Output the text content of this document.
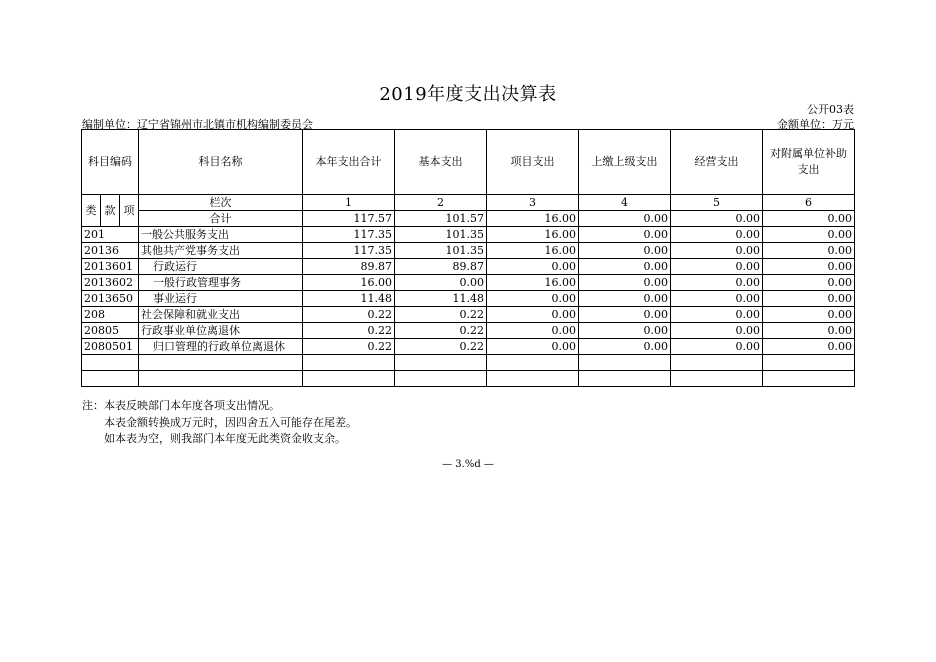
2019年度支出决算表
公开03表
编制单位：辽宁省锦州市北镇市机构编制委员会	金额单位：万元
科目编码			科目名称	本年支出合计	基本支出	项目支出	上缴上级支出	经营支出	对附属单位补助支出
类	款	项	栏次	1	2	3	4	5	6
			合计	117.57	101.57	16.00	0.00	0.00	0.00
201			一般公共服务支出	117.35	101.35	16.00	0.00	0.00	0.00
20136			其他共产党事务支出	117.35	101.35	16.00	0.00	0.00	0.00
2013601			行政运行	89.87	89.87	0.00	0.00	0.00	0.00
2013602			一般行政管理事务	16.00	0.00	16.00	0.00	0.00	0.00
2013650			事业运行	11.48	11.48	0.00	0.00	0.00	0.00
208			社会保障和就业支出	0.22	0.22	0.00	0.00	0.00	0.00
20805			行政事业单位离退休	0.22	0.22	0.00	0.00	0.00	0.00
2080501			归口管理的行政单位离退休	0.22	0.22	0.00	0.00	0.00	0.00

注：本表反映部门本年度各项支出情况。
本表金额转换成万元时，因四舍五入可能存在尾差。
如本表为空，则我部门本年度无此类资金收支余。
— 3.%d —
